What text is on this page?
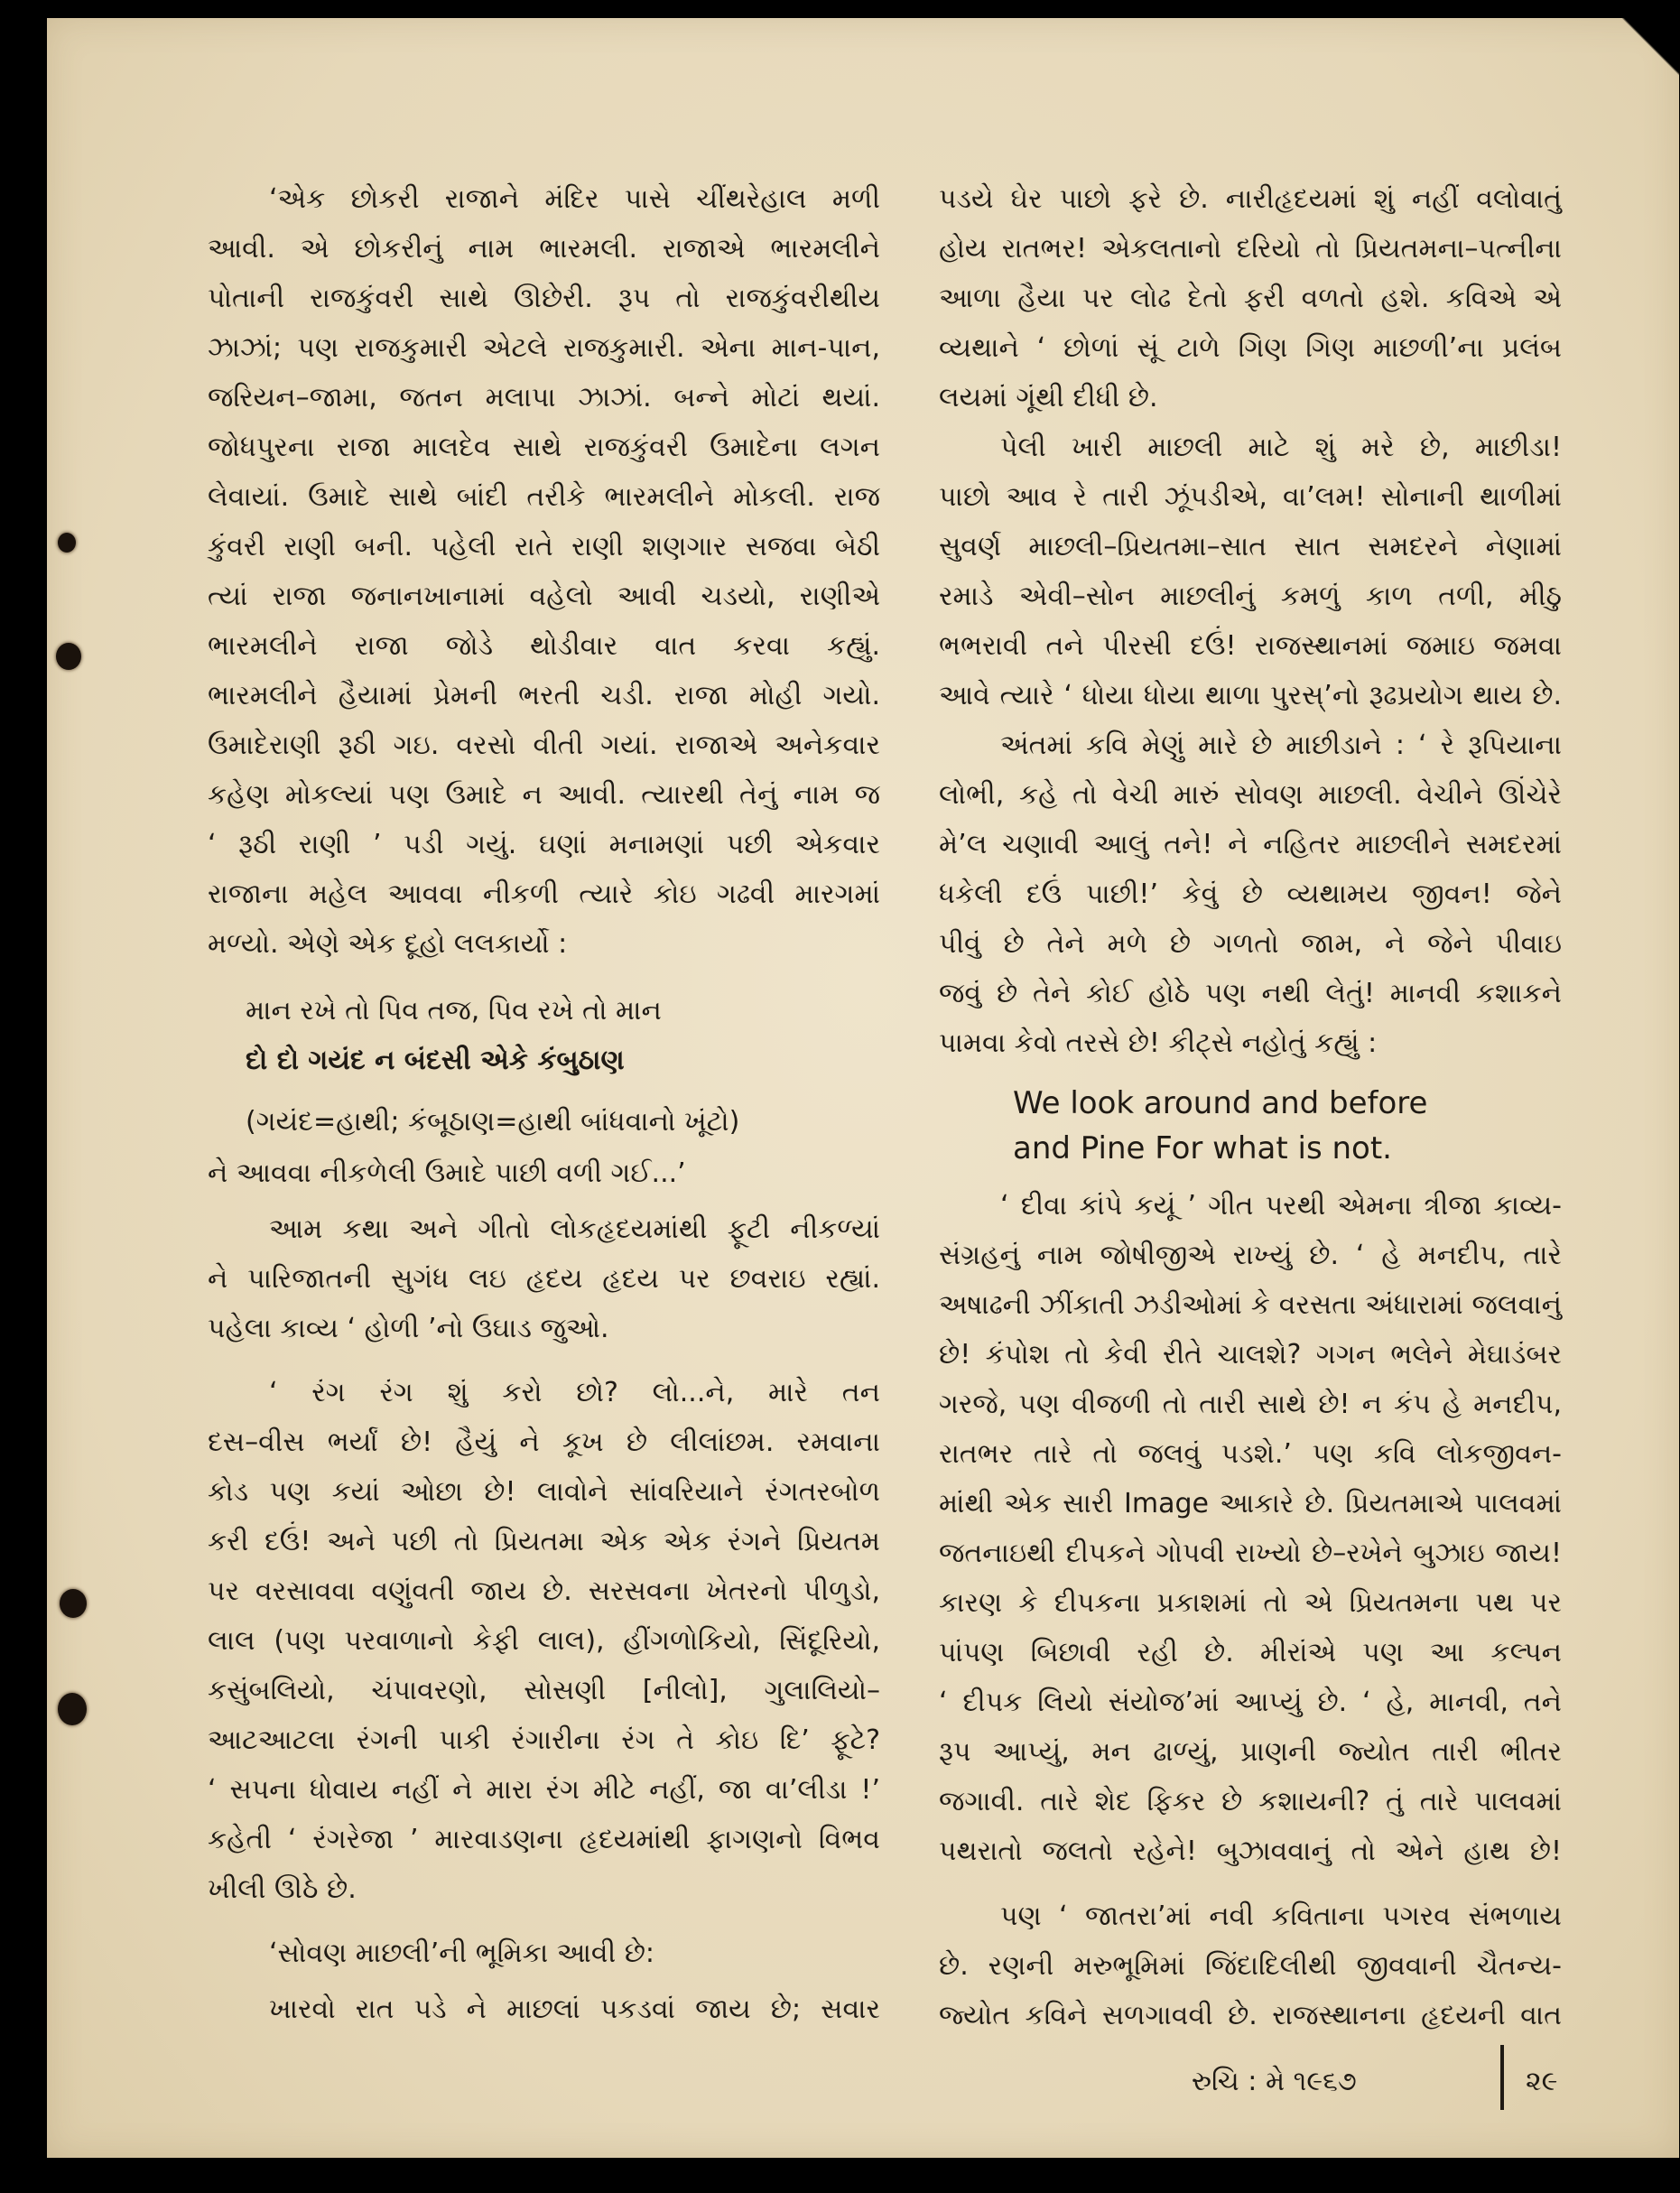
‘એક છોકરી રાજાને મંદિર પાસે ચીંથરેહાલ મળી
આવી. એ છોકરીનું નામ ભારમલી. રાજાએ ભારમલીને
પોતાની રાજકુંવરી સાથે ઊછેરી. રૂપ તો રાજકુંવરીથીય
ઝાઝાં; પણ રાજકુમારી એટલે રાજકુમારી. એના માન-પાન,
જરિયન–જામા, જતન મલાપા ઝાઝાં. બન્ને મોટાં થયાં.
જોધપુરના રાજા માલદેવ સાથે રાજકુંવરી ઉમાદેના લગન
લેવાયાં. ઉમાદે સાથે બાંદી તરીકે ભારમલીને મોકલી. રાજ
કુંવરી રાણી બની. પહેલી રાતે રાણી શણગાર સજવા બેઠી
ત્યાં રાજા જનાનખાનામાં વહેલો આવી ચડયો, રાણીએ
ભારમલીને રાજા જોડે થોડીવાર વાત કરવા કહ્યું.
ભારમલીને હૈયામાં પ્રેમની ભરતી ચડી. રાજા મોહી ગયો.
ઉમાદેરાણી રૂઠી ગઇ. વરસો વીતી ગયાં. રાજાએ અનેકવાર
કહેણ મોકલ્યાં પણ ઉમાદે ન આવી. ત્યારથી તેનું નામ જ
‘ રૂઠી રાણી ’ પડી ગયું. ઘણાં મનામણાં પછી એકવાર
રાજાના મહેલ આવવા નીકળી ત્યારે કોઇ ગઢવી મારગમાં
મળ્યો. એણે એક દૂહો લલકાર્યો :
માન રખે તો પિવ તજ, પિવ રખે તો માન
દો દો ગયંદ ન બંદસી એકે કંબુઠાણ
(ગયંદ=હાથી; કંબૂઠાણ=હાથી બાંધવાનો ખૂંટો)
ને આવવા નીકળેલી ઉમાદે પાછી વળી ગઈ...’
આમ કથા અને ગીતો લોકહૃદયમાંથી ફૂટી નીકળ્યાં
ને પારિજાતની સુગંધ લઇ હૃદય હૃદય પર છવરાઇ રહ્યાં.
પહેલા કાવ્ય ‘ હોળી ’નો ઉઘાડ જુઓ.
‘ રંગ રંગ શું કરો છો? લો...ને, મારે તન
દસ–વીસ ભર્યાં છે! હૈયું ને કૂખ છે લીલાંછમ. રમવાના
કોડ પણ કયાં ઓછા છે! લાવોને સાંવરિયાને રંગતરબોળ
કરી દઉં! અને પછી તો પ્રિયતમા એક એક રંગને પ્રિયતમ
પર વરસાવવા વણુંવતી જાય છે. સરસવના ખેતરનો પીળુડો,
લાલ (પણ પરવાળાનો કેફી લાલ), હીંગળોકિયો, સિંદૂરિયો,
કસુંબલિયો, ચંપાવરણો, સોસણી [નીલો], ગુલાલિયો–
આટઆટલા રંગની પાકી રંગારીના રંગ તે કોઇ દિ’ ફૂટે?
‘ સપના ધોવાય નહીં ને મારા રંગ મીટે નહીં, જા વા’લીડા !’
કહેતી ‘ રંગરેજા ’ મારવાડણના હૃદયમાંથી ફાગણનો વિભવ
ખીલી ઊઠે છે.
‘સોવણ માછલી’ની ભૂમિકા આવી છે:
ખારવો રાત પડે ને માછલાં પકડવાં જાય છે; સવાર
પડયે ઘેર પાછો ફરે છે. નારીહૃદયમાં શું નહીં વલોવાતું
હોય રાતભર! એકલતાનો દરિયો તો પ્રિયતમના–પત્નીના
આળા હૈયા પર લોઢ દેતો ફરી વળતો હશે. કવિએ એ
વ્યથાને ‘ છોળાં સૂં ટાળે ગિણ ગિણ માછળી’ના પ્રલંબ
લયમાં ગૂંથી દીધી છે.
પેલી ખારી માછલી માટે શું મરે છે, માછીડા!
પાછો આવ રે તારી ઝૂંપડીએ, વા’લમ! સોનાની થાળીમાં
સુવર્ણ માછલી–પ્રિયતમા–સાત સાત સમદરને નેણામાં
રમાડે એવી–સોન માછલીનું કમળું કાળ તળી, મીઠુ
ભભરાવી તને પીરસી દઉં! રાજસ્થાનમાં જમાઇ જમવા
આવે ત્યારે ‘ ધોયા ધોયા થાળા પુરસ્’નો રૂઢપ્રયોગ થાય છે.
અંતમાં કવિ મેણું મારે છે માછીડાને : ‘ રે રૂપિયાના
લોભી, કહે તો વેચી મારું સોવણ માછલી. વેચીને ઊંચેરે
મે’લ ચણાવી આલું તને! ને નહિતર માછલીને સમદરમાં
ધકેલી દઉં પાછી!’ કેવું છે વ્યથામય જીવન! જેને
પીવું છે તેને મળે છે ગળતો જામ, ને જેને પીવાઇ
જવું છે તેને કોઈ હોઠે પણ નથી લેતું! માનવી કશાકને
પામવા કેવો તરસે છે! કીટ્સે નહોતું કહ્યું :
We look around and before
and Pine For what is not.
‘ દીવા કાંપે કયૂં ’ ગીત પરથી એમના ત્રીજા કાવ્ય-
સંગ્રહનું નામ જોષીજીએ રાખ્યું છે. ‘ હે મનદીપ, તારે
અષાઢની ઝીંકાતી ઝડીઓમાં કે વરસતા અંધારામાં જલવાનું
છે! કંપોશ તો કેવી રીતે ચાલશે? ગગન ભલેને મેઘાડંબર
ગરજે, પણ વીજળી તો તારી સાથે છે! ન કંપ હે મનદીપ,
રાતભર તારે તો જલવું પડશે.’ પણ કવિ લોકજીવન-
માંથી એક સારી Image આકારે છે. પ્રિયતમાએ પાલવમાં
જતનાઇથી દીપકને ગોપવી રાખ્યો છે–રખેને બુઝાઇ જાય!
કારણ કે દીપકના પ્રકાશમાં તો એ પ્રિયતમના પથ પર
પાંપણ બિછાવી રહી છે. મીરાંએ પણ આ કલ્પન
‘ દીપક લિયો સંયોજ’માં આપ્યું છે. ‘ હે, માનવી, તને
રૂપ આપ્યું, મન ઢાળ્યું, પ્રાણની જ્યોત તારી ભીતર
જગાવી. તારે શેદ ફિકર છે કશાયની? તું તારે પાલવમાં
પથરાતો જલતો રહેને! બુઝાવવાનું તો એને હાથ છે!
પણ ‘ જાતરા’માં નવી કવિતાના પગરવ સંભળાય
છે. રણની મરુભૂમિમાં જિંદાદિલીથી જીવવાની ચૈતન્ય-
જ્યોત કવિને સળગાવવી છે. રાજસ્થાનના હૃદયની વાત
રુચિ : મે ૧૯૬૭	૨૯
